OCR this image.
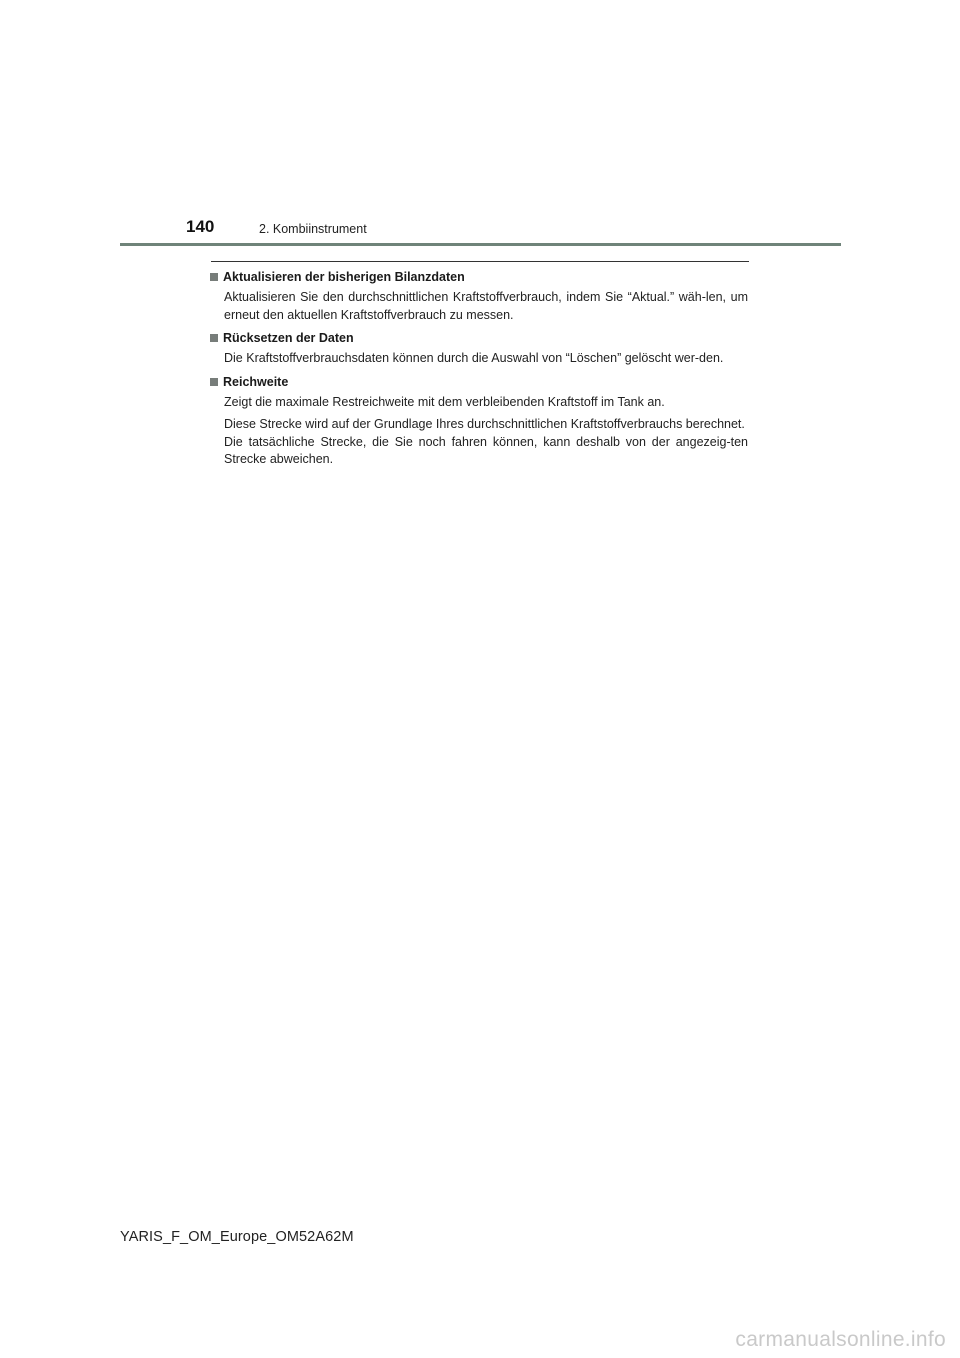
140	2. Kombiinstrument
Aktualisieren der bisherigen Bilanzdaten

Aktualisieren Sie den durchschnittlichen Kraftstoffverbrauch, indem Sie “Aktual.” wäh-len, um erneut den aktuellen Kraftstoffverbrauch zu messen.

Rücksetzen der Daten

Die Kraftstoffverbrauchsdaten können durch die Auswahl von “Löschen” gelöscht wer-den.

Reichweite

Zeigt die maximale Restreichweite mit dem verbleibenden Kraftstoff im Tank an.

Diese Strecke wird auf der Grundlage Ihres durchschnittlichen Kraftstoffverbrauchs berechnet.

Die tatsächliche Strecke, die Sie noch fahren können, kann deshalb von der angezeig-ten Strecke abweichen.

YARIS_F_OM_Europe_OM52A62M
carmanualsonline.info
